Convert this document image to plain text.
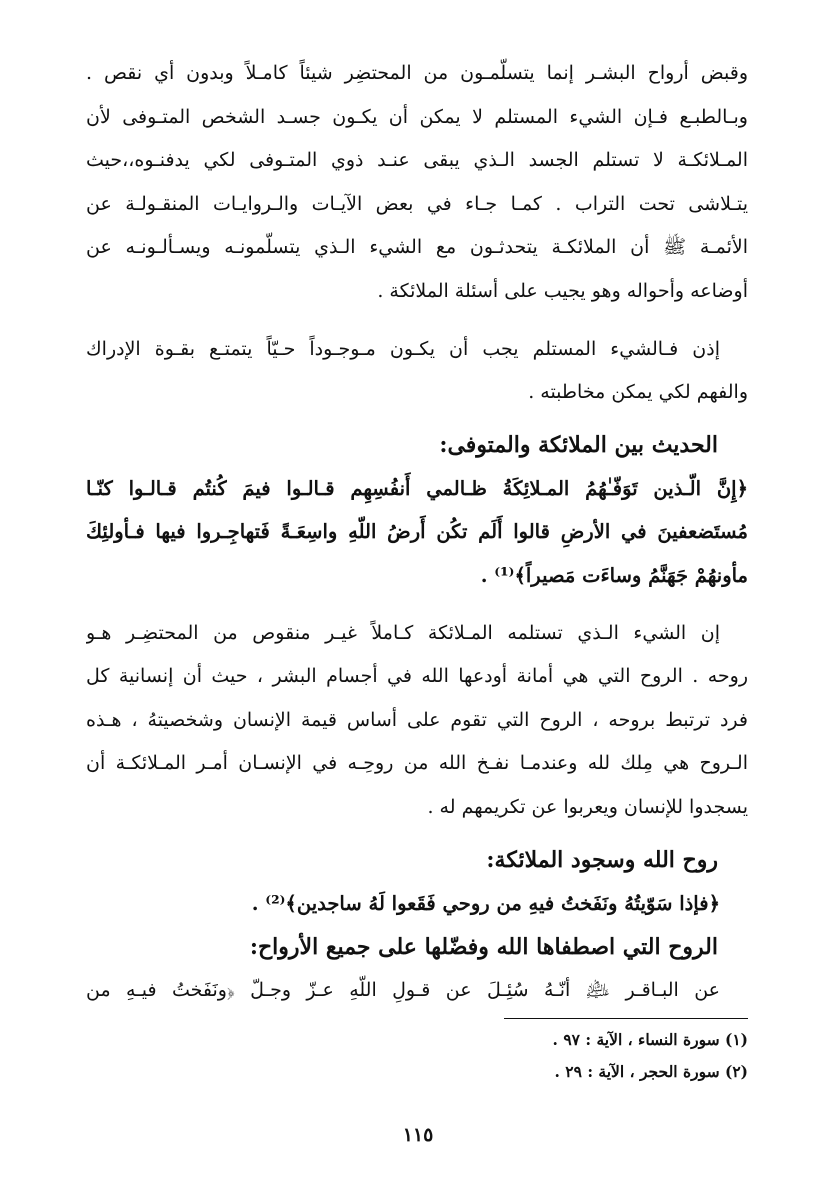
وقبض أرواح البشـر إنما يتسلّمـون من المحتضِر شيئاً كامـلاً وبدون أي نقص .
وبـالطبـع فـإن الشيء المستلم لا يمكن أن يكـون جسـد الشخص المتـوفى لأن
المـلائكـة لا تستلم الجسد الـذي يبقى عنـد ذوي المتـوفى لكي يدفنـوه،،حيث
يتـلاشى تحت التراب . كمـا جـاء في بعض الآيـات والـروايـات المنقـولـة عن
الأئمـة ﷺ أن الملائكـة يتحدثـون مع الشيء الـذي يتسلّمونـه ويسـألـونـه عن
أوضاعه وأحواله وهو يجيب على أسئلة الملائكة .
إذن فـالشيء المستلم يجب أن يكـون مـوجـوداً حـيّاً يتمتـع بقـوة الإدراك
والفهم لكي يمكن مخاطبته .
الحديث بين الملائكة والمتوفى:
﴿إِنَّ الّـذين تَوَفّـٰهُمُ المـلائِكَةُ ظـالمي أَنفُسِهِم قـالـوا فيمَ كُنتُم قـالـوا كنّـا
مُستَضعفينَ في الأرضِ قالوا أَلَم تكُن أَرضُ اللّهِ واسِعَـةً فَتهاجِـروا فيها فـأولئِكَ
مأونهُمْ جَهَنَّمُ وساءَت مَصيراً﴾⁽¹⁾ .
إن الشيء الـذي تستلمه المـلائكة كـاملاً غيـر منقوص من المحتضِـر هـو
روحه . الروح التي هي أمانة أودعها الله في أجسام البشر ، حيث أن إنسانية كل
فرد ترتبط بروحه ، الروح التي تقوم على أساس قيمة الإنسان وشخصيتهُ ، هـذه
الـروح هي مِلك لله وعندمـا نفـخ الله من روحِـه في الإنسـان أمـر المـلائكـة أن
يسجدوا للإنسان ويعربوا عن تكريمهم له .
روح الله وسجود الملائكة:
﴿فإذا سَوّيتُهُ ونَفَختُ فيهِ من روحي فَقَعوا لَهُ ساجدين﴾⁽²⁾ .
الروح التي اصطفاها الله وفضّلها على جميع الأرواح:
عن البـاقـر ﵇ أنّـهُ سُئِـلَ عن قـولِ اللّهِ عـزّ وجـلّ ﴿ونَفَختُ فيـهِ من
(١) سورة النساء ، الآية : ٩٧ .
(٢) سورة الحجر ، الآية : ٢٩ .
١١٥
